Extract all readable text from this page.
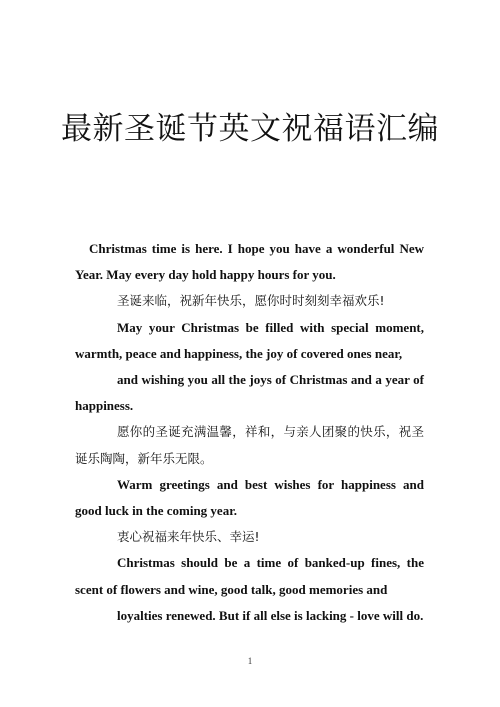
最新圣诞节英文祝福语汇编

Christmas time is here. I hope you have a wonderful New Year. May every day hold happy hours for you.

圣诞来临，祝新年快乐，愿你时时刻刻幸福欢乐!

May your Christmas be filled with special moment, warmth, peace and happiness, the joy of covered ones near,

and wishing you all the joys of Christmas and a year of happiness.

愿你的圣诞充满温馨，祥和，与亲人团聚的快乐，祝圣诞乐陶陶，新年乐无限。

Warm greetings and best wishes for happiness and good luck in the coming year.

衷心祝福来年快乐、幸运!

Christmas should be a time of banked-up fines, the scent of flowers and wine, good talk, good memories and

loyalties renewed. But if all else is lacking - love will do.

1
